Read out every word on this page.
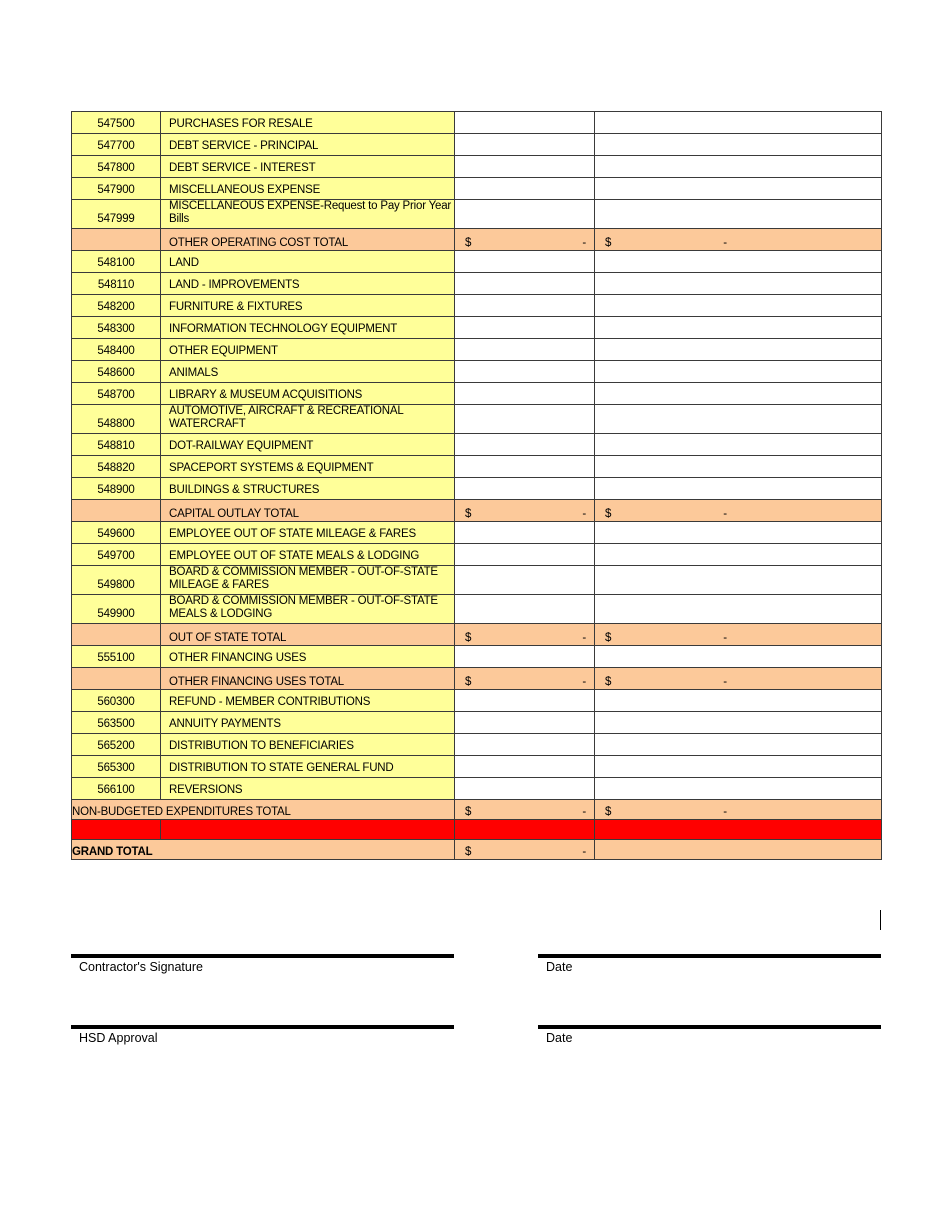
547500	PURCHASES FOR RESALE		
547700	DEBT SERVICE - PRINCIPAL		
547800	DEBT SERVICE - INTEREST		
547900	MISCELLANEOUS EXPENSE		
547999	MISCELLANEOUS EXPENSE-Request to Pay Prior Year Bills		
	OTHER OPERATING COST TOTAL	$ -	$ -

548100	LAND		
548110	LAND - IMPROVEMENTS		
548200	FURNITURE & FIXTURES		
548300	INFORMATION TECHNOLOGY EQUIPMENT		
548400	OTHER EQUIPMENT		
548600	ANIMALS		
548700	LIBRARY & MUSEUM ACQUISITIONS		
548800	AUTOMOTIVE, AIRCRAFT & RECREATIONAL WATERCRAFT		
548810	DOT-RAILWAY EQUIPMENT		
548820	SPACEPORT SYSTEMS & EQUIPMENT		
548900	BUILDINGS & STRUCTURES		
	CAPITAL OUTLAY TOTAL	$ -	$ -

549600	EMPLOYEE OUT OF STATE MILEAGE & FARES		
549700	EMPLOYEE OUT OF STATE MEALS & LODGING		
549800	BOARD & COMMISSION MEMBER - OUT-OF-STATE MILEAGE & FARES		
549900	BOARD & COMMISSION MEMBER - OUT-OF-STATE MEALS & LODGING		
	OUT OF STATE TOTAL	$ -	$ -

555100	OTHER FINANCING USES		
	OTHER FINANCING USES TOTAL	$ -	$ -

560300	REFUND - MEMBER CONTRIBUTIONS		
563500	ANNUITY PAYMENTS		
565200	DISTRIBUTION TO BENEFICIARIES		
565300	DISTRIBUTION TO STATE GENERAL FUND		
566100	REVERSIONS		
NON-BUDGETED EXPENDITURES TOTAL		$ -	$ -

GRAND TOTAL		$ -	

Contractor's Signature	Date
HSD Approval	Date
